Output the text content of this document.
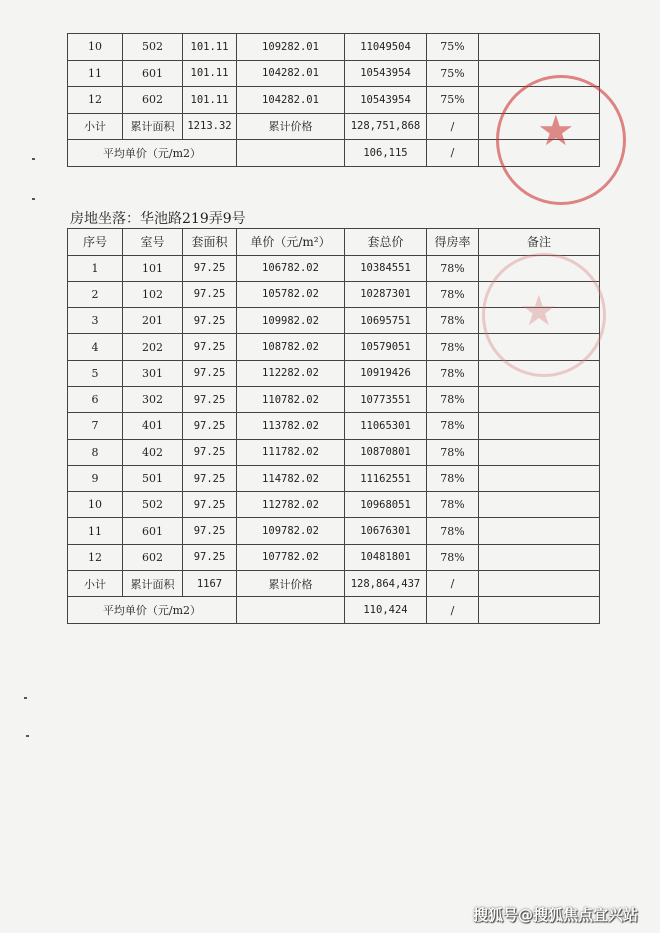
10	502	101.11	109282.01	11049504	75%	
11	601	101.11	104282.01	10543954	75%	
12	602	101.11	104282.01	10543954	75%	
小计	累计面积	1213.32	累计价格	128,751,868	/	
平均单价（元/m2）				106,115	/	
房地坐落：华池路219弄9号
序号	室号	套面积	单价（元/m²）	套总价	得房率	备注
1	101	97.25	106782.02	10384551	78%	
2	102	97.25	105782.02	10287301	78%	
3	201	97.25	109982.02	10695751	78%	
4	202	97.25	108782.02	10579051	78%	
5	301	97.25	112282.02	10919426	78%	
6	302	97.25	110782.02	10773551	78%	
7	401	97.25	113782.02	11065301	78%	
8	402	97.25	111782.02	10870801	78%	
9	501	97.25	114782.02	11162551	78%	
10	502	97.25	112782.02	10968051	78%	
11	601	97.25	109782.02	10676301	78%	
12	602	97.25	107782.02	10481801	78%	
小计	累计面积	1167	累计价格	128,864,437	/	
平均单价（元/m2）				110,424	/	
★
★
搜狐号@搜狐焦点宜兴站
